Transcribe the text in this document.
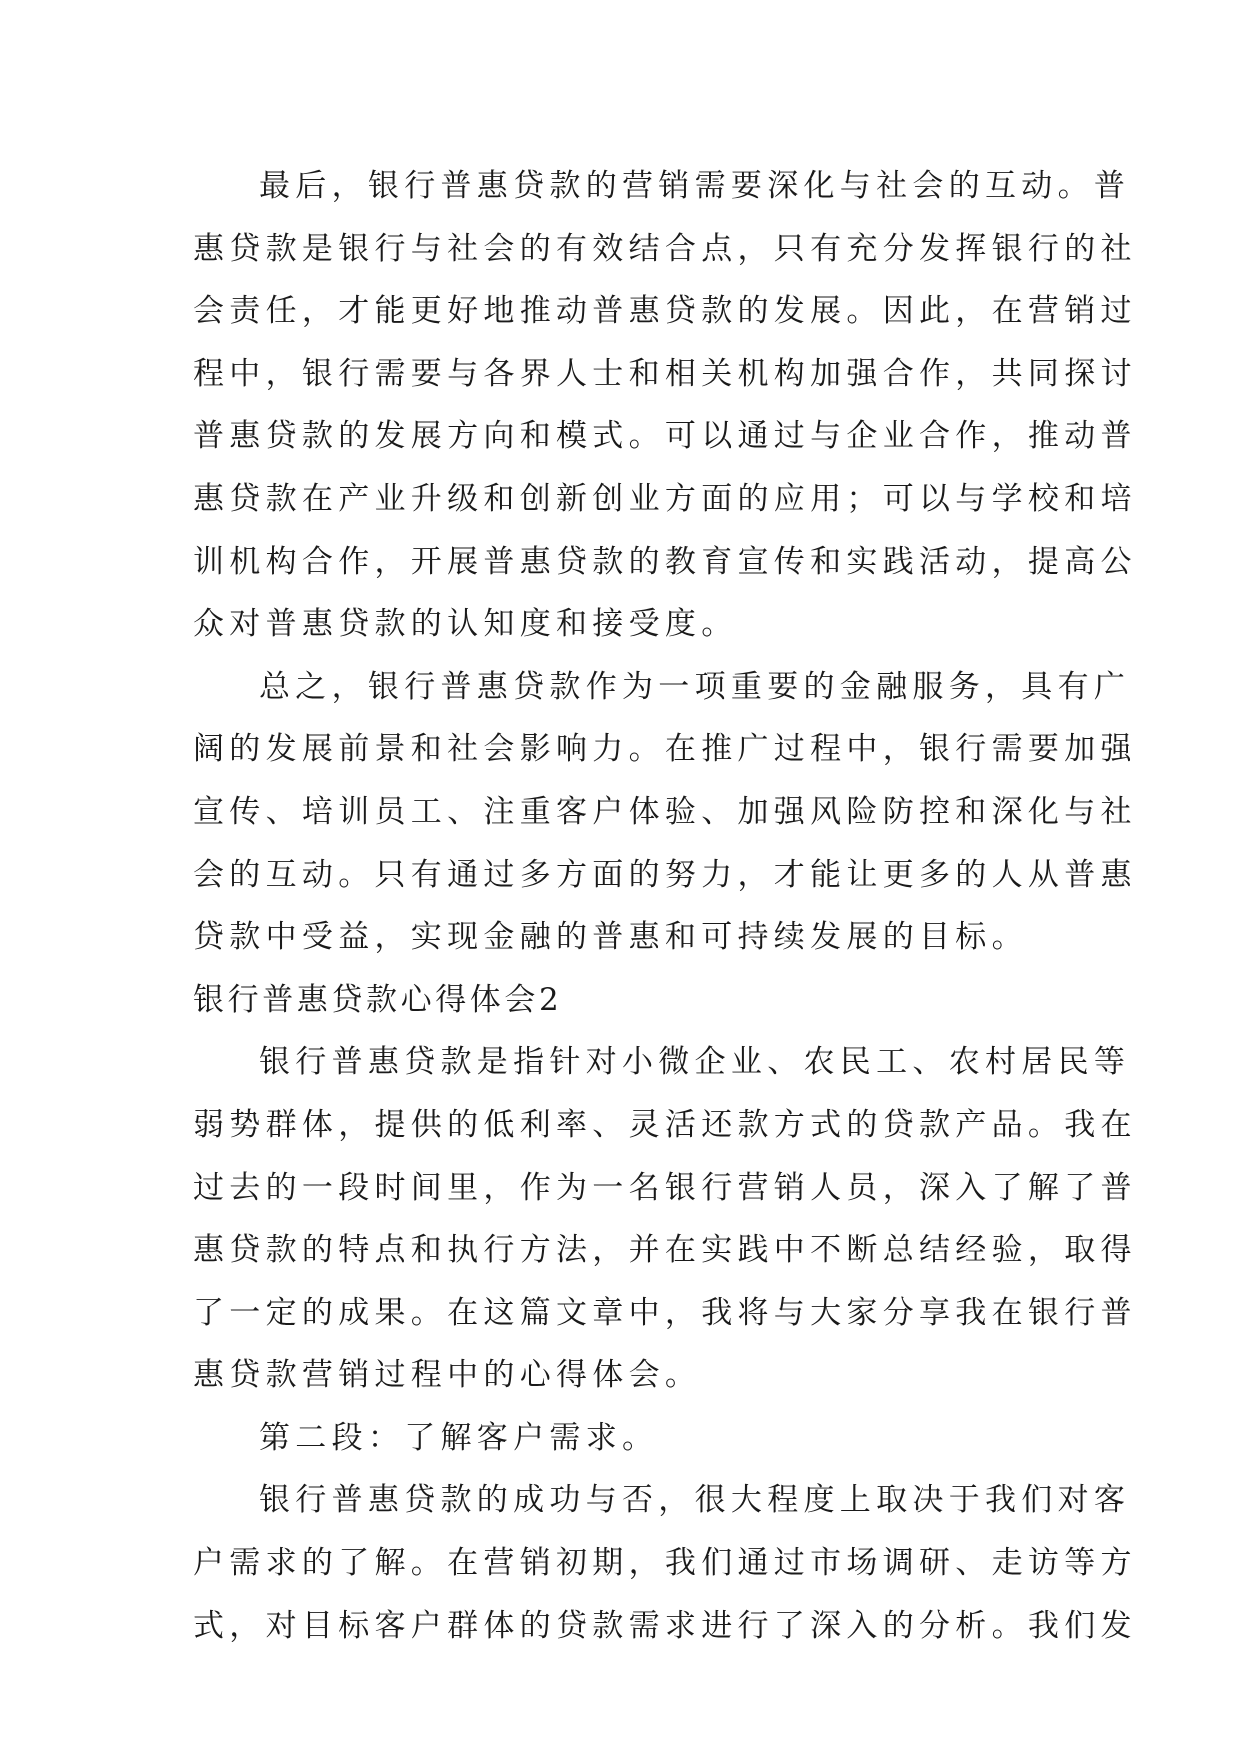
最后，银行普惠贷款的营销需要深化与社会的互动。普
惠贷款是银行与社会的有效结合点，只有充分发挥银行的社
会责任，才能更好地推动普惠贷款的发展。因此，在营销过
程中，银行需要与各界人士和相关机构加强合作，共同探讨
普惠贷款的发展方向和模式。可以通过与企业合作，推动普
惠贷款在产业升级和创新创业方面的应用；可以与学校和培
训机构合作，开展普惠贷款的教育宣传和实践活动，提高公
众对普惠贷款的认知度和接受度。
总之，银行普惠贷款作为一项重要的金融服务，具有广
阔的发展前景和社会影响力。在推广过程中，银行需要加强
宣传、培训员工、注重客户体验、加强风险防控和深化与社
会的互动。只有通过多方面的努力，才能让更多的人从普惠
贷款中受益，实现金融的普惠和可持续发展的目标。
银行普惠贷款心得体会2
银行普惠贷款是指针对小微企业、农民工、农村居民等
弱势群体，提供的低利率、灵活还款方式的贷款产品。我在
过去的一段时间里，作为一名银行营销人员，深入了解了普
惠贷款的特点和执行方法，并在实践中不断总结经验，取得
了一定的成果。在这篇文章中，我将与大家分享我在银行普
惠贷款营销过程中的心得体会。
第二段：了解客户需求。
银行普惠贷款的成功与否，很大程度上取决于我们对客
户需求的了解。在营销初期，我们通过市场调研、走访等方
式，对目标客户群体的贷款需求进行了深入的分析。我们发
